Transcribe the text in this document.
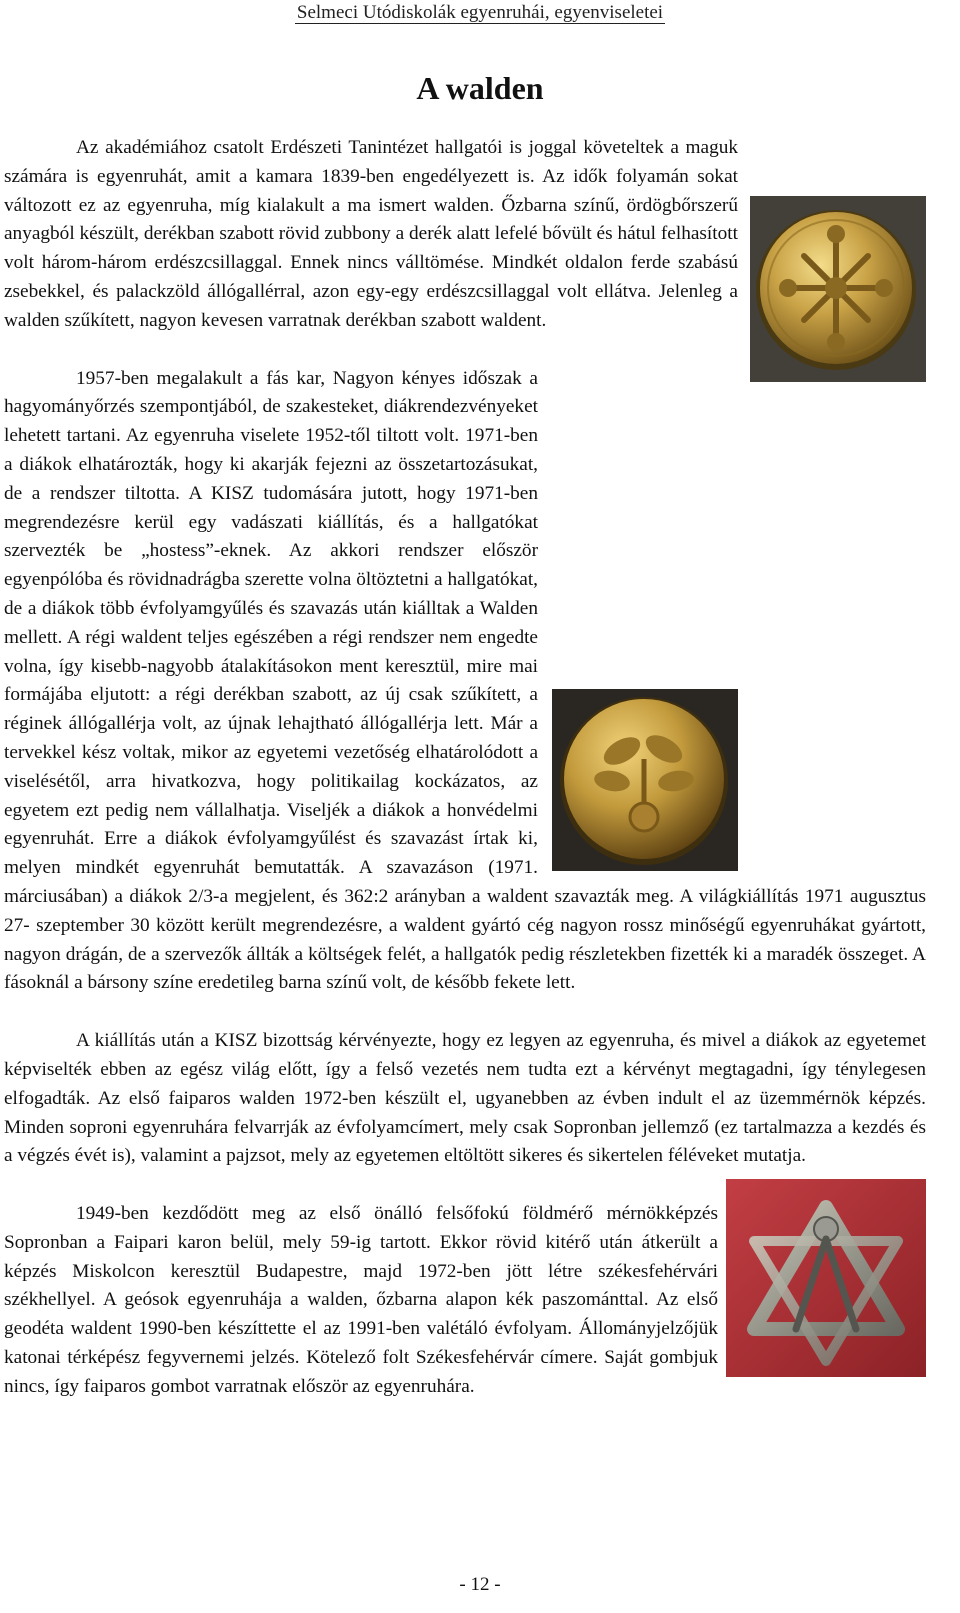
Selmeci Utódiskolák egyenruhái, egyenviseletei
A walden

Az akadémiához csatolt Erdészeti Tanintézet hallgatói is joggal követeltek a maguk számára is egyenruhát, amit a kamara 1839-ben engedélyezett is. Az idők folyamán sokat változott ez az egyenruha, míg kialakult a ma ismert walden. Őzbarna színű, ördögbőrszerű anyagból készült, derékban szabott rövid zubbony a derék alatt lefelé bővült és hátul felhasított volt három-három erdészcsillaggal. Ennek nincs válltömése. Mindkét oldalon ferde szabású zsebekkel, és palackzöld állógallérral, azon egy-egy erdészcsillaggal volt ellátva. Jelenleg a walden szűkített, nagyon kevesen varratnak derékban szabott waldent.

1957-ben megalakult a fás kar, Nagyon kényes időszak a hagyományőrzés szempontjából, de szakesteket, diákrendezvényeket lehetett tartani. Az egyenruha viselete 1952-től tiltott volt. 1971-ben a diákok elhatározták, hogy ki akarják fejezni az összetartozásukat, de a rendszer tiltotta. A KISZ tudomására jutott, hogy 1971-ben megrendezésre kerül egy vadászati kiállítás, és a hallgatókat szervezték be „hostess”-eknek. Az akkori rendszer először egyenpólóba és rövidnadrágba szerette volna öltöztetni a hallgatókat, de a diákok több évfolyamgyűlés és szavazás után kiálltak a Walden mellett. A régi waldent teljes egészében a régi rendszer nem engedte volna, így kisebb-nagyobb átalakításokon ment keresztül, mire mai formájába eljutott: a régi derékban szabott, az új csak szűkített, a réginek állógallérja volt, az újnak lehajtható állógallérja lett. Már a tervekkel kész voltak, mikor az egyetemi vezetőség elhatárolódott a viselésétől, arra hivatkozva, hogy politikailag kockázatos, az egyetem ezt pedig nem vállalhatja. Viseljék a diákok a honvédelmi egyenruhát. Erre a diákok évfolyamgyűlést és szavazást írtak ki, melyen mindkét egyenruhát bemutatták. A szavazáson (1971. márciusában) a diákok 2/3-a megjelent, és 362:2 arányban a waldent szavazták meg. A világkiállítás 1971 augusztus 27- szeptember 30 között került megrendezésre, a waldent gyártó cég nagyon rossz minőségű egyenruhákat gyártott, nagyon drágán, de a szervezők állták a költségek felét, a hallgatók pedig részletekben fizették ki a maradék összeget. A fásoknál a bársony színe eredetileg barna színű volt, de később fekete lett.

A kiállítás után a KISZ bizottság kérvényezte, hogy ez legyen az egyenruha, és mivel a diákok az egyetemet képviselték ebben az egész világ előtt, így a felső vezetés nem tudta ezt a kérvényt megtagadni, így ténylegesen elfogadták. Az első faiparos walden 1972-ben készült el, ugyanebben az évben indult el az üzemmérnök képzés. Minden soproni egyenruhára felvarrják az évfolyamcímert, mely csak Sopronban jellemző (ez tartalmazza a kezdés és a végzés évét is), valamint a pajzsot, mely az egyetemen eltöltött sikeres és sikertelen féléveket mutatja.

1949-ben kezdődött meg az első önálló felsőfokú földmérő mérnökképzés Sopronban a Faipari karon belül, mely 59-ig tartott. Ekkor rövid kitérő után átkerült a képzés Miskolcon keresztül Budapestre, majd 1972-ben jött létre székesfehérvári székhellyel. A geósok egyenruhája a walden, őzbarna alapon kék paszománttal. Az első geodéta waldent 1990-ben készíttette el az 1991-ben valétáló évfolyam. Állományjelzőjük katonai térképész fegyvernemi jelzés. Kötelező folt Székesfehérvár címere. Saját gombjuk nincs, így faiparos gombot varratnak először az egyenruhára.

- 12 -
